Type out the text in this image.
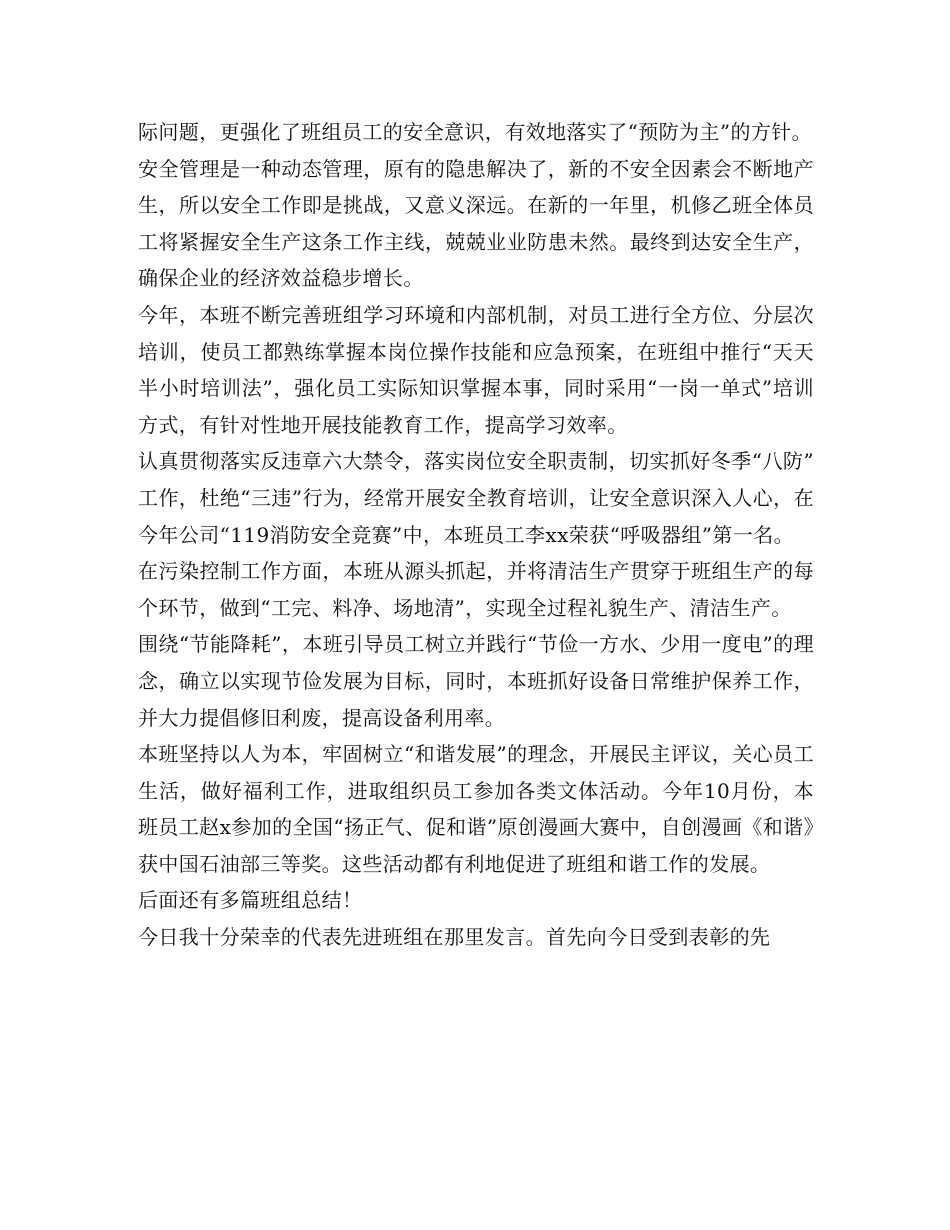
际问题，更强化了班组员工的安全意识，有效地落实了“预防为主”的方针。

安全管理是一种动态管理，原有的隐患解决了，新的不安全因素会不断地产生，所以安全工作即是挑战，又意义深远。在新的一年里，机修乙班全体员工将紧握安全生产这条工作主线，兢兢业业防患未然。最终到达安全生产，确保企业的经济效益稳步增长。

今年，本班不断完善班组学习环境和内部机制，对员工进行全方位、分层次培训，使员工都熟练掌握本岗位操作技能和应急预案，在班组中推行“天天半小时培训法”，强化员工实际知识掌握本事，同时采用“一岗一单式”培训方式，有针对性地开展技能教育工作，提高学习效率。

认真贯彻落实反违章六大禁令，落实岗位安全职责制，切实抓好冬季“八防”工作，杜绝“三违”行为，经常开展安全教育培训，让安全意识深入人心，在今年公司“119消防安全竞赛”中，本班员工李xx荣获“呼吸器组”第一名。

在污染控制工作方面，本班从源头抓起，并将清洁生产贯穿于班组生产的每个环节，做到“工完、料净、场地清”，实现全过程礼貌生产、清洁生产。

围绕“节能降耗”，本班引导员工树立并践行“节俭一方水、少用一度电”的理念，确立以实现节俭发展为目标，同时，本班抓好设备日常维护保养工作，并大力提倡修旧利废，提高设备利用率。

本班坚持以人为本，牢固树立“和谐发展”的理念，开展民主评议，关心员工生活，做好福利工作，进取组织员工参加各类文体活动。今年10月份，本班员工赵x参加的全国“扬正气、促和谐”原创漫画大赛中，自创漫画《和谐》获中国石油部三等奖。这些活动都有利地促进了班组和谐工作的发展。

后面还有多篇班组总结！

今日我十分荣幸的代表先进班组在那里发言。首先向今日受到表彰的先
